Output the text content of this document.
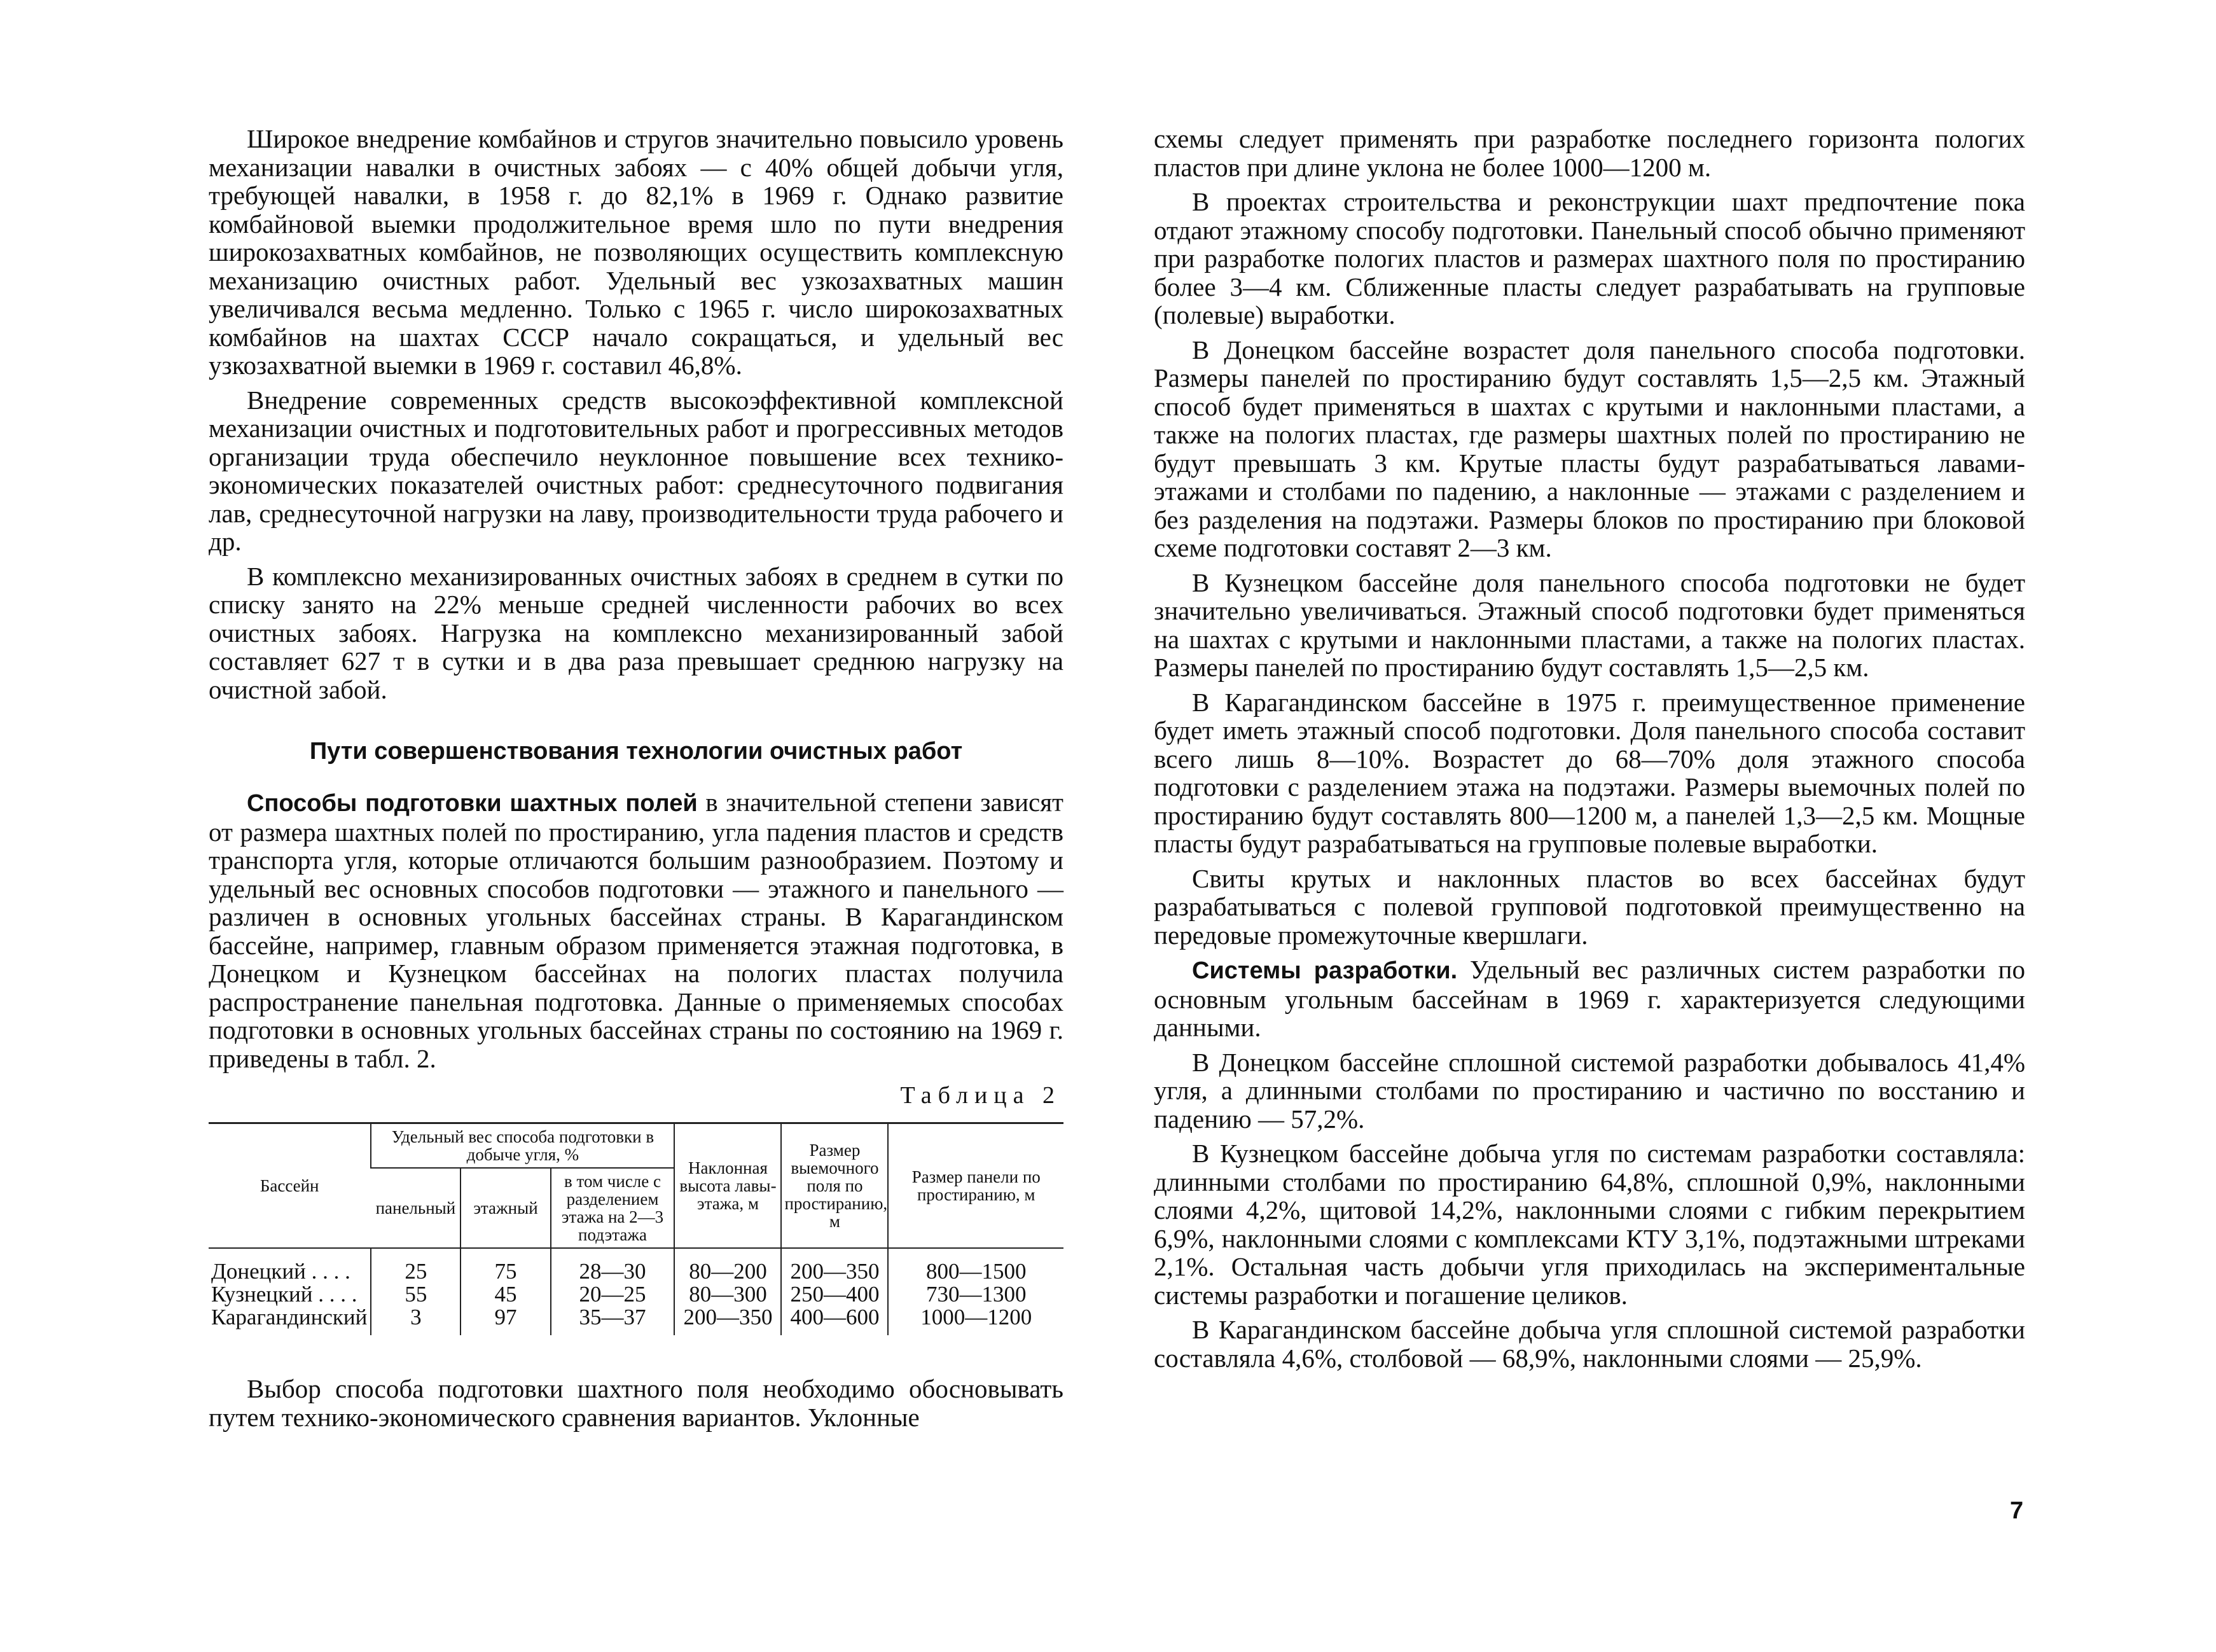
Широкое внедрение комбайнов и стругов значительно повысило уровень механизации навалки в очистных забоях — с 40% общей добычи угля, требующей навалки, в 1958 г. до 82,1% в 1969 г. Однако развитие комбайновой выемки продолжительное время шло по пути внедрения широкозахватных комбайнов, не позволяющих осуществить комплексную механизацию очистных работ. Удельный вес узкозахватных машин увеличивался весьма медленно. Только с 1965 г. число широкозахватных комбайнов на шахтах СССР начало сокращаться, и удельный вес узкозахватной выемки в 1969 г. составил 46,8%.

Внедрение современных средств высокоэффективной комплексной механизации очистных и подготовительных работ и прогрессивных методов организации труда обеспечило неуклонное повышение всех технико-экономических показателей очистных работ: среднесуточного подвигания лав, среднесуточной нагрузки на лаву, производительности труда рабочего и др.

В комплексно механизированных очистных забоях в среднем в сутки по списку занято на 22% меньше средней численности рабочих во всех очистных забоях. Нагрузка на комплексно механизированный забой составляет 627 т в сутки и в два раза превышает среднюю нагрузку на очистной забой.

Пути совершенствования технологии очистных работ

Способы подготовки шахтных полей в значительной степени зависят от размера шахтных полей по простиранию, угла падения пластов и средств транспорта угля, которые отличаются большим разнообразием. Поэтому и удельный вес основных способов подготовки — этажного и панельного — различен в основных угольных бассейнах страны. В Карагандинском бассейне, например, главным образом применяется этажная подготовка, в Донецком и Кузнецком бассейнах на пологих пластах получила распространение панельная подготовка. Данные о применяемых способах подготовки в основных угольных бассейнах страны по состоянию на 1969 г. приведены в табл. 2.

Таблица 2
Бассейн	Удельный вес способа подготовки в добыче угля, %			Наклонная высота лавы-этажа, м	Размер выемочного поля по простиранию, м	Размер панели по простиранию, м
	панельный	этажный	в том числе с разделением этажа на 2—3 подэтажа			
Донецкий . . . .	25	75	28—30	80—200	200—350	800—1500
Кузнецкий . . . .	55	45	20—25	80—300	250—400	730—1300
Карагандинский	3	97	35—37	200—350	400—600	1000—1200

Выбор способа подготовки шахтного поля необходимо обосновывать путем технико-экономического сравнения вариантов. Уклонные

схемы следует применять при разработке последнего горизонта пологих пластов при длине уклона не более 1000—1200 м.

В проектах строительства и реконструкции шахт предпочтение пока отдают этажному способу подготовки. Панельный способ обычно применяют при разработке пологих пластов и размерах шахтного поля по простиранию более 3—4 км. Сближенные пласты следует разрабатывать на групповые (полевые) выработки.

В Донецком бассейне возрастет доля панельного способа подготовки. Размеры панелей по простиранию будут составлять 1,5—2,5 км. Этажный способ будет применяться в шахтах с крутыми и наклонными пластами, а также на пологих пластах, где размеры шахтных полей по простиранию не будут превышать 3 км. Крутые пласты будут разрабатываться лавами-этажами и столбами по падению, а наклонные — этажами с разделением и без разделения на подэтажи. Размеры блоков по простиранию при блоковой схеме подготовки составят 2—3 км.

В Кузнецком бассейне доля панельного способа подготовки не будет значительно увеличиваться. Этажный способ подготовки будет применяться на шахтах с крутыми и наклонными пластами, а также на пологих пластах. Размеры панелей по простиранию будут составлять 1,5—2,5 км.

В Карагандинском бассейне в 1975 г. преимущественное применение будет иметь этажный способ подготовки. Доля панельного способа составит всего лишь 8—10%. Возрастет до 68—70% доля этажного способа подготовки с разделением этажа на подэтажи. Размеры выемочных полей по простиранию будут составлять 800—1200 м, а панелей 1,3—2,5 км. Мощные пласты будут разрабатываться на групповые полевые выработки.

Свиты крутых и наклонных пластов во всех бассейнах будут разрабатываться с полевой групповой подготовкой преимущественно на передовые промежуточные квершлаги.

Системы разработки. Удельный вес различных систем разработки по основным угольным бассейнам в 1969 г. характеризуется следующими данными.

В Донецком бассейне сплошной системой разработки добывалось 41,4% угля, а длинными столбами по простиранию и частично по восстанию и падению — 57,2%.

В Кузнецком бассейне добыча угля по системам разработки составляла: длинными столбами по простиранию 64,8%, сплошной 0,9%, наклонными слоями 4,2%, щитовой 14,2%, наклонными слоями с гибким перекрытием 6,9%, наклонными слоями с комплексами КТУ 3,1%, подэтажными штреками 2,1%. Остальная часть добычи угля приходилась на экспериментальные системы разработки и погашение целиков.

В Карагандинском бассейне добыча угля сплошной системой разработки составляла 4,6%, столбовой — 68,9%, наклонными слоями — 25,9%.

7
